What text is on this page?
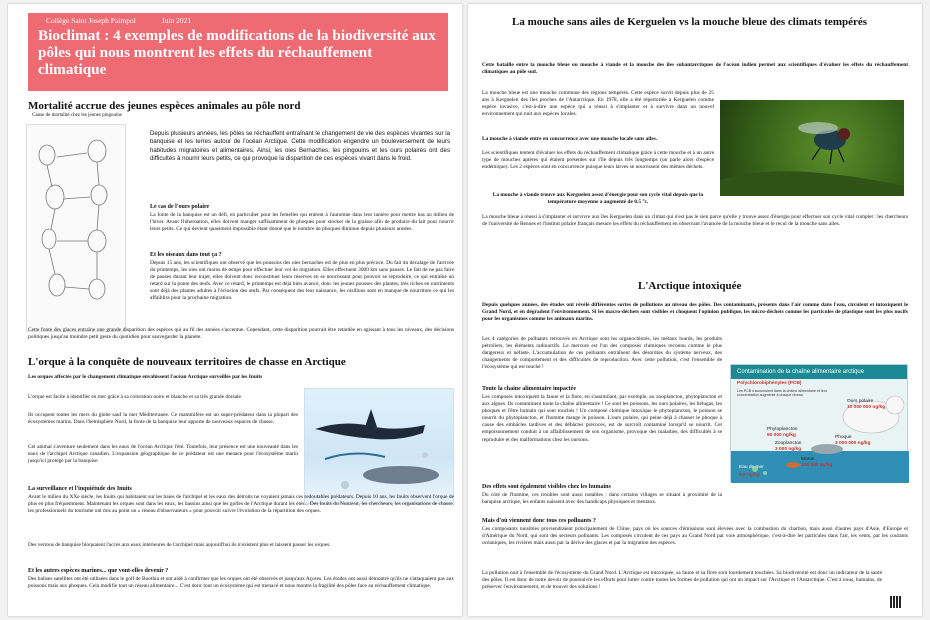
Collège Saint Joseph Paimpol	Juin 2021
Bioclimat : 4 exemples de modifications de la biodiversité aux pôles qui nous montrent les effets du réchauffement climatique
Mortalité accrue des jeunes espèces animales au pôle nord
Cause de mortalité chez les jeunes pingouins
Depuis plusieurs années, les pôles se réchauffent entraînant le changement de vie des espèces vivantes sur la banquise et les terres autour de l'océan Arctique. Cette modification engendre un bouleversement de leurs habitudes migratoires et alimentaires. Ainsi, les oies Bernaches, les pingouins et les ours polaires ont des difficultés à nourrir leurs petits, ce qui provoque la disparition de ces espèces vivant dans le froid.
Le cas de l'ours polaire
La fonte de la banquise est un défi, en particulier pour les femelles qui entrent à l'automne dans leur tanière pour mettre bas au milieu de l'hiver. Avant l'hibernation, elles doivent manger suffisamment de phoques pour stocker de la graisse afin de produire du lait pour nourrir leurs petits. Ce qui devient quasiment impossible étant donné que le nombre de phoques diminue depuis plusieurs années.
Et les oiseaux dans tout ça ?
Depuis 15 ans, les scientifiques ont observé que les poussins des oies bernaches est de plus en plus précoce. Du fait du décalage de l'arrivée du printemps, les oies ont moins de temps pour effectuer leur vol de migration. Elles effectuent 3000 km sans pauses. Le fait de ne pas faire de pauses durant leur trajet, elles doivent donc reconstituer leurs réserves en se nourrissant pour pouvoir se reproduire, ce qui entraîne un retard sur la ponte des œufs. Avec ce retard, le printemps est déjà bien avancé, donc les jeunes pousses des plantes, très riches en nutriments sont déjà des plantes adultes à l'éclosion des œufs. Par conséquent des leur naissance, les oisillons sont en manque de nourriture ce qui les affaiblira pour la prochaine migration.
Cette fonte des glaces entraîne une grande disparition des espèces qui au fil des années s'accentue. Cependant, cette disparition pourrait être retardée en agissant à tous les niveaux, des décisions politiques jusqu'au moindre petit geste du quotidien pour sauvegarder la planète.
L'orque à la conquête de nouveaux territoires de chasse en Arctique
Les orques affectés par le changement climatique envahissent l'océan Arctique surveillés par les Inuits
L'orque est facile à identifier en mer grâce à sa coloration noire et blanche et sa très grande dorsale.
Ils occupent toutes les mers du globe sauf la mer Méditerranée. Ce mammifère est un super-prédateur dans la plupart des écosystèmes marins. Dans l'hémisphère Nord, la fonte de la banquise leur apporte de nouveaux espaces de chasse.
Cet animal s'aventure seulement dans les eaux de l'océan Arctique l'été. Toutefois, leur présence est une nouveauté dans les eaux de l'archipel Arctique canadien. L'expansion géographique de ce prédateur est une menace pour l'écosystème marin jusqu'ici protégé par la banquise.
La surveillance et l'inquiétude des Inuits
Avant le milieu du XXe siècle, les Inuits qui habitaient sur les baies de l'archipel et les eaux des détroits ne voyaient jamais ces redoutables prédateurs. Depuis 10 ans, les Inuits observent l'orque de plus en plus fréquemment. Maintenant les orques sont dans les eaux, les bassins ainsi que les golfes de l'Arctique durant les étés... Des Inuits du Nunavut, les chercheurs, les organisations de chasse, les professionnels du tourisme ont mis au point un « réseau d'observateurs » pour pouvoir suivre l'évolution de la répartition des orques.
Des verrous de banquise bloquaient l'accès aux eaux intérieures de l'archipel mais aujourd'hui ils n'existent plus et laissent passer les orques.
Et les autres espèces marines... que vont-elles devenir ?
Des balises satellites ont été utilisées dans le golf de Boothia et ont aidé à confirmer que les orques ont été observés et jusqu'aux Açores. Les études ont aussi démontré qu'ils ne s'attaquaient pas aux poissons mais aux phoques. Cela modifie tout un réseau alimentaire... C'est donc tout un écosystème qui est menacé et nous montre la fragilité des pôles face au réchauffement climatique.
La mouche sans ailes de Kerguelen vs la mouche bleue des climats tempérés
Cette bataille entre la mouche bleue ou mouche à viande et la mouche des îles subantarctiques de l'océan indien permet aux scientifiques d'évaluer les effets du réchauffement climatiques au pôle sud.
La mouche bleue est une mouche commune des régions tempérés. Cette espèce survit depuis plus de 25 ans à Kerguelen des îles proches de l'Antarctique. En 1978, elle a été répertoriée à Kerguelen comme espèce invasive, c'est-à-dire une espèce qui a réussi à s'implanter et à survivre dans un nouvel environnement qui nuit aux espèces locales.
La mouche à viande entre en concurrence avec une mouche locale sans ailes.
Les scientifiques tentent d'évaluer les effets du réchauffement climatique grâce à cette mouche et à un autre type de mouches aptères qui étaient présentes sur l'île depuis très longtemps (on parle alors d'espèce endémique). Les 2 espèces sont en concurrence puisque leurs larves se nourrissent des mêmes déchets.
La mouche à viande trouve aux Kerguelen assez d'énergie pour son cycle vital depuis que la température moyenne a augmenté de 0.5 °c.
La mouche bleue a réussi à s'implanter et survivre aux îles Kerguelen dans un climat qui n'est pas le sien parce qu'elle y trouve assez d'énergie pour effectuer son cycle vital complet : les chercheurs de l'université de Rennes et l'institut polaire français mesure les effets du réchauffement en observant l'avancée de la mouche bleue et le recul de la mouche sans ailes.
L'Arctique intoxiquée
Depuis quelques années, des études ont révélé différentes sortes de pollutions au niveau des pôles. Des contaminants, présents dans l'air comme dans l'eau, circulent et intoxiquent le Grand Nord, et en dégradent l'environnement. Si les macro-déchets sont visibles et choquent l'opinion publique, les micro-déchets comme les particules de plastique sont les plus nocifs pour les organismes comme les animaux marins.
Les 4 catégories de polluants retrouvés en Arctique sont les organochlorés, les métaux lourds, les produits pétroliers, les éléments radioactifs. Le mercure est l'un des composés chimiques reconnu comme le plus dangereux et néfaste. L'accumulation de ces polluants entraînent des désordres du système nerveux, des changements de comportement et des difficultés de reproduction. Avec cette pollution, c'est l'ensemble de l'écosystème qui est touché !
Toute la chaine alimentaire impactée
Les composés intoxiquent la faune et la flore, en s'assimilant, par exemple, au zooplancton, phytoplancton et aux algues. Ils contaminent toute la chaîne alimentaire ! Ce sont les poissons, les ours polaires, les bélugas, les phoques et l'être humain qui sont touchés ! Un composé chimique intoxique le phytoplancton, le poisson se nourrit du phytoplancton, et l'homme mange le poisson. L'ours polaire, qui peine déjà à chasser le phoque à cause des embâcles tardives et des débâcles précoces, est de surcroît contaminé lorsqu'il se nourrit. Cet empoisonnement conduit à un affaiblissement de son organisme, provoque des maladies, des difficultés à se reproduire et des malformations chez les oursons.
Contamination de la chaîne alimentaire arctique
Polychlorobiphényles (PCB)
Les PCB s'accumulent dans la chaîne alimentaire et leur concentration augmente à chaque niveau.
Eau de mer
0,5 ng/kg
Zooplancton
3 000 ng/kg
Phytoplancton
50 000 ng/kg
Morue
200 000 ng/kg
Phoque
3 000 000 ng/kg
Ours polaire
10 000 000 ng/kg
Des effets sont également visibles chez les humains
Du côté de l'homme, ces troubles sont aussi notables : dans certains villages se situant à proximité de la banquise arctique, les enfants naissent avec des handicaps physiques et mentaux.
Mais d'où viennent donc tous ces polluants ?
Ces composants nuisibles proviendraient principalement de Chine, pays où les sources d'émissions sont élevées avec la combustion du charbon, mais aussi d'autres pays d'Asie, d'Europe et d'Amérique du Nord, qui sont des secteurs polluants. Les composés circulent de ces pays au Grand Nord par voie atmosphérique, c'est-à-dire les particules dans l'air, les vents, par les courants océaniques, les rivières mais aussi par la dérive des glaces et par la migration des espèces.
La pollution nuit à l'ensemble de l'écosystème du Grand Nord. L'Arctique est intoxiquée, sa faune et sa flore sont lourdement touchées. Sa biodiversité est donc un indicateur de la santé des pôles. Il est donc de notre devoir de poursuivre les efforts pour lutter contre toutes les formes de pollution qui ont un impact sur l'Arctique et l'Antarctique. C'est à nous, humains, de préserver l'environnement, et de trouver des solutions !
